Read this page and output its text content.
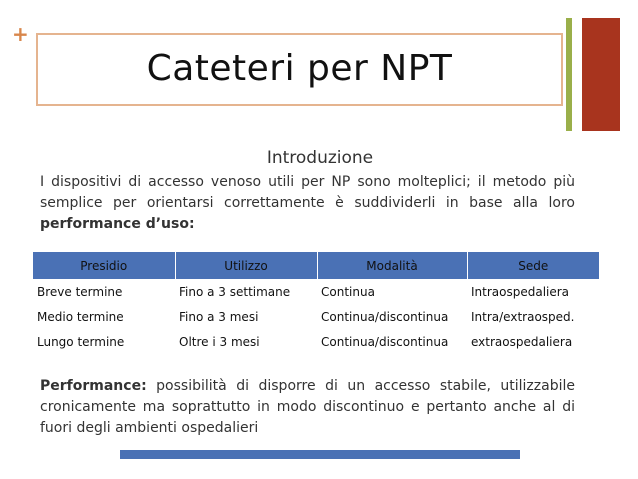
+
Cateteri per NPT
Introduzione
I dispositivi di accesso venoso utili per NP sono molteplici; il metodo più semplice per orientarsi correttamente è suddividerli in base alla loro performance d’uso:
Presidio	Utilizzo	Modalità	Sede
Breve termine	Fino a 3 settimane	Continua	Intraospedaliera
Medio termine	Fino a 3 mesi	Continua/discontinua	Intra/extraosped.
Lungo termine	Oltre i 3 mesi	Continua/discontinua	extraospedaliera
Performance: possibilità di disporre di un accesso stabile, utilizzabile cronicamente ma soprattutto in modo discontinuo e pertanto anche al di fuori degli ambienti ospedalieri
